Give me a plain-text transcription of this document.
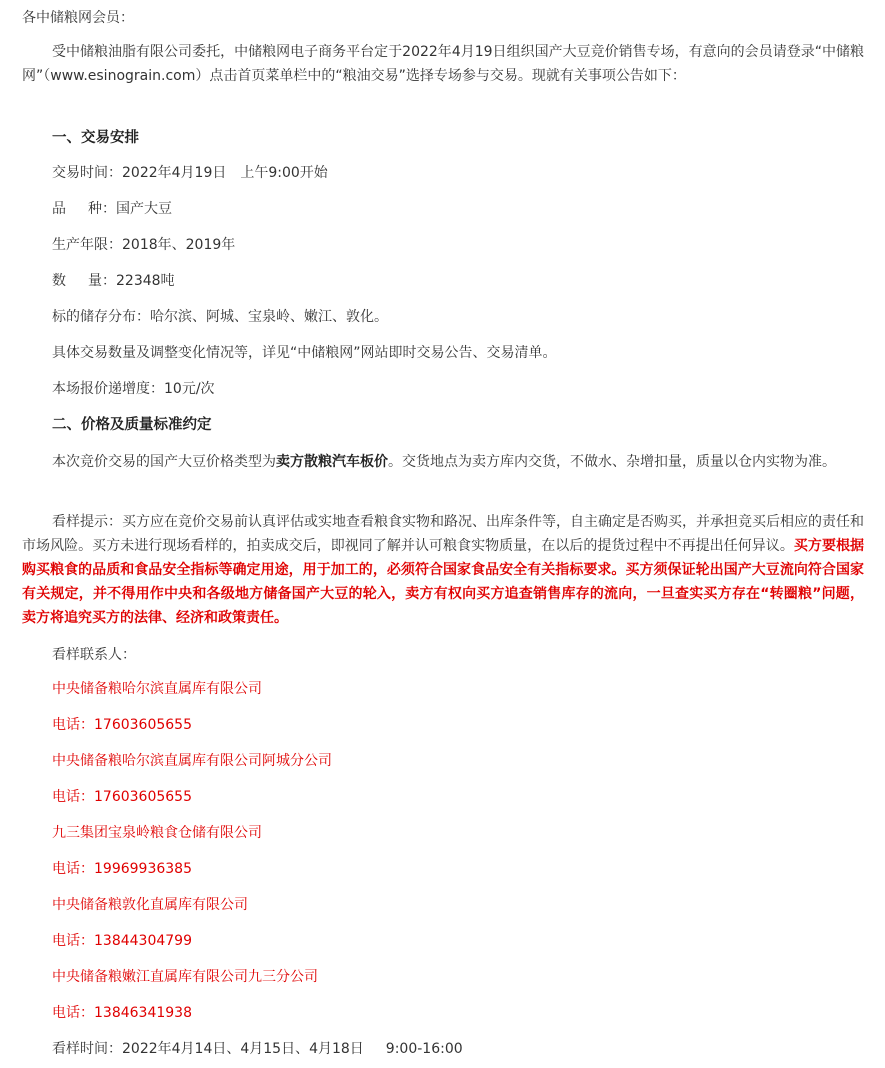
各中储粮网会员：

受中储粮油脂有限公司委托，中储粮网电子商务平台定于2022年4月19日组织国产大豆竞价销售专场，有意向的会员请登录“中储粮网”（www.esinograin.com）点击首页菜单栏中的“粮油交易”选择专场参与交易。现就有关事项公告如下：

一、交易安排

交易时间：2022年4月19日 上午9:00开始

品 种：国产大豆

生产年限：2018年、2019年

数 量：22348吨

标的储存分布：哈尔滨、阿城、宝泉岭、嫩江、敦化。

具体交易数量及调整变化情况等，详见“中储粮网”网站即时交易公告、交易清单。

本场报价递增度：10元/次

二、价格及质量标准约定

本次竞价交易的国产大豆价格类型为卖方散粮汽车板价。交货地点为卖方库内交货，不做水、杂增扣量，质量以仓内实物为准。

看样提示：买方应在竞价交易前认真评估或实地查看粮食实物和路况、出库条件等，自主确定是否购买，并承担竞买后相应的责任和市场风险。买方未进行现场看样的，拍卖成交后，即视同了解并认可粮食实物质量，在以后的提货过程中不再提出任何异议。买方要根据购买粮食的品质和食品安全指标等确定用途，用于加工的，必须符合国家食品安全有关指标要求。买方须保证轮出国产大豆流向符合国家有关规定，并不得用作中央和各级地方储备国产大豆的轮入，卖方有权向买方追查销售库存的流向，一旦查实买方存在“转圈粮”问题，卖方将追究买方的法律、经济和政策责任。

看样联系人：

中央储备粮哈尔滨直属库有限公司

电话：17603605655

中央储备粮哈尔滨直属库有限公司阿城分公司

电话：17603605655

九三集团宝泉岭粮食仓储有限公司

电话：19969936385

中央储备粮敦化直属库有限公司

电话：13844304799

中央储备粮嫩江直属库有限公司九三分公司

电话：13846341938

看样时间：2022年4月14日、4月15日、4月18日 9:00-16:00
